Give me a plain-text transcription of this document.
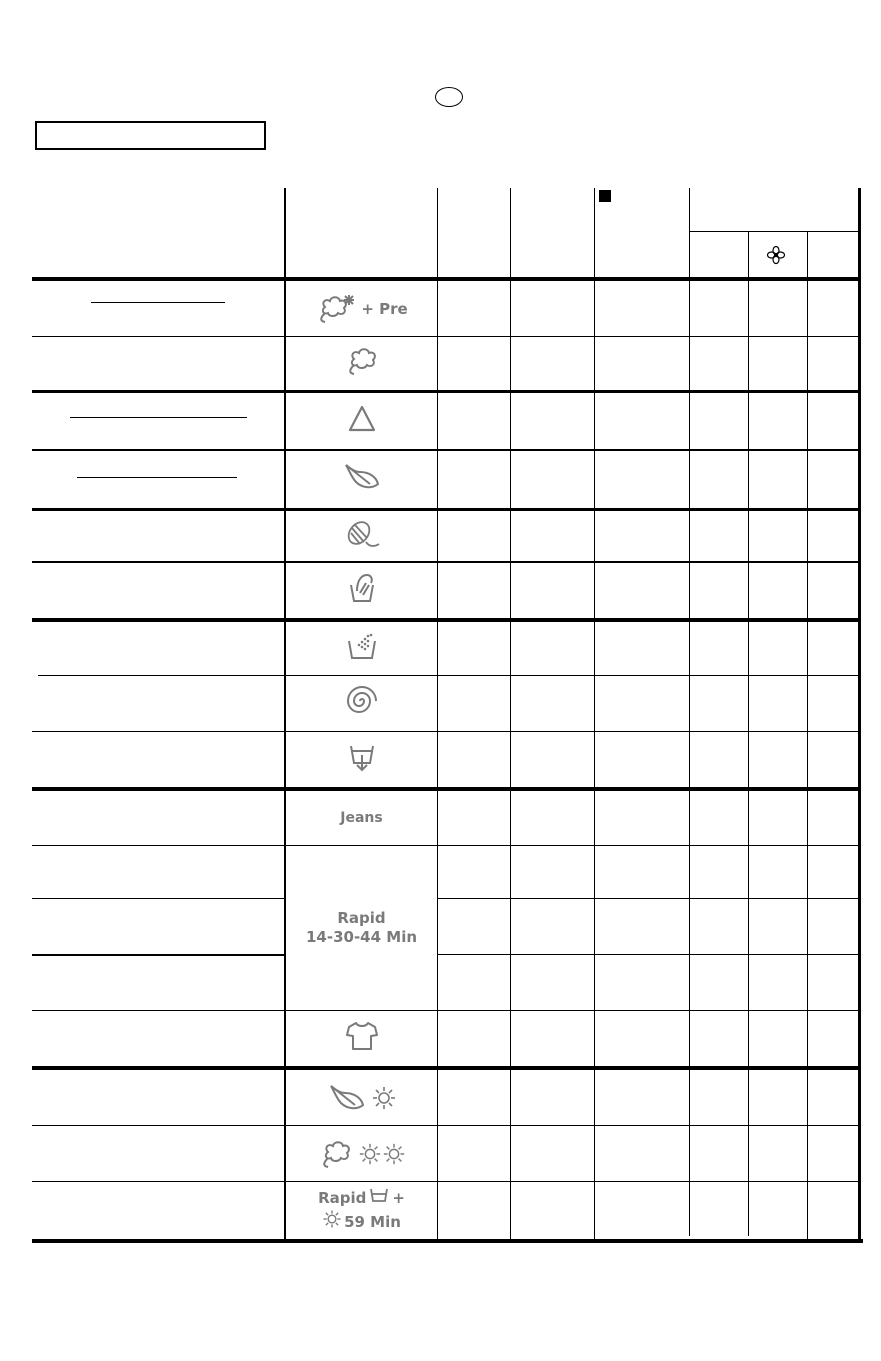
+ Pre
Jeans
Rapid
14-30-44 Min
Rapid +
59 Min
